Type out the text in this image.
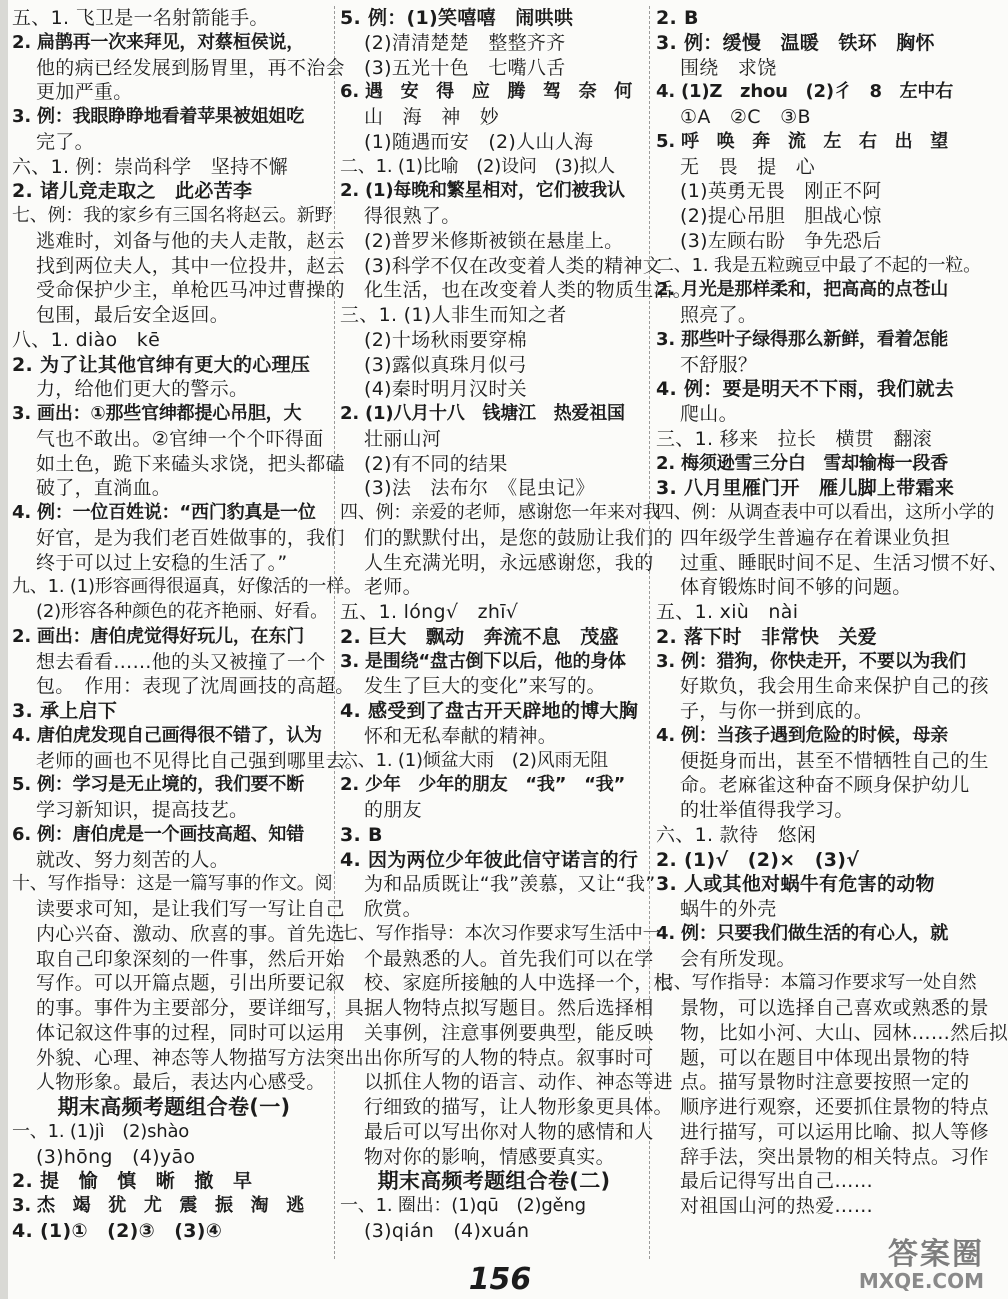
五、1. 飞卫是一名射箭能手。
2. 扁鹊再一次来拜见，对蔡桓侯说，
他的病已经发展到肠胃里，再不治会
更加严重。
3. 例：我眼睁睁地看着苹果被姐姐吃
完了。
六、1. 例：崇尚科学　坚持不懈
2. 诸儿竞走取之　此必苦李
七、例：我的家乡有三国名将赵云。新野
逃难时，刘备与他的夫人走散，赵云
找到两位夫人，其中一位投井，赵云
受命保护少主，单枪匹马冲过曹操的
包围，最后安全返回。
八、1. diào　kē
2. 为了让其他官绅有更大的心理压
力，给他们更大的警示。
3. 画出：①那些官绅都提心吊胆，大
气也不敢出。②官绅一个个吓得面
如土色，跪下来磕头求饶，把头都磕
破了，直淌血。
4. 例：一位百姓说：“西门豹真是一位
好官，是为我们老百姓做事的，我们
终于可以过上安稳的生活了。”
九、1. (1)形容画得很逼真，好像活的一样。
(2)形容各种颜色的花齐艳丽、好看。
2. 画出：唐伯虎觉得好玩儿，在东门
想去看看……他的头又被撞了一个
包。　作用：表现了沈周画技的高超。
3. 承上启下
4. 唐伯虎发现自己画得很不错了，认为
老师的画也不见得比自己强到哪里去。
5. 例：学习是无止境的，我们要不断
学习新知识，提高技艺。
6. 例：唐伯虎是一个画技高超、知错
就改、努力刻苦的人。
十、写作指导：这是一篇写事的作文。阅
读要求可知，是让我们写一写让自己
内心兴奋、激动、欣喜的事。首先选
取自己印象深刻的一件事，然后开始
写作。可以开篇点题，引出所要记叙
的事。事件为主要部分，要详细写，具
体记叙这件事的过程，同时可以运用
外貌、心理、神态等人物描写方法突出
人物形象。最后，表达内心感受。
期末高频考题组合卷(一)
一、1. (1)jì　(2)shào
(3)hōng　(4)yāo
2. 提　愉　慎　晰　撤　早
3. 杰　竭　犹　尤　震　振　淘　逃
4. (1)①　(2)③　(3)④
5. 例：(1)笑嘻嘻　闹哄哄
(2)清清楚楚　整整齐齐
(3)五光十色　七嘴八舌
6. 遇　安　得　应　腾　驾　奈　何
山　海　神　妙
(1)随遇而安　(2)人山人海
二、1. (1)比喻　(2)设问　(3)拟人
2. (1)每晚和繁星相对，它们被我认
得很熟了。
(2)普罗米修斯被锁在悬崖上。
(3)科学不仅在改变着人类的精神文
化生活，也在改变着人类的物质生活。
三、1. (1)人非生而知之者
(2)十场秋雨要穿棉
(3)露似真珠月似弓
(4)秦时明月汉时关
2. (1)八月十八　钱塘江　热爱祖国
壮丽山河
(2)有不同的结果
(3)法　法布尔　《昆虫记》
四、例：亲爱的老师，感谢您一年来对我
们的默默付出，是您的鼓励让我们的
人生充满光明，永远感谢您，我的
老师。
五、1. lóng√　zhī√
2. 巨大　飘动　奔流不息　茂盛
3. 是围绕“盘古倒下以后，他的身体
发生了巨大的变化”来写的。
4. 感受到了盘古开天辟地的博大胸
怀和无私奉献的精神。
六、1. (1)倾盆大雨　(2)风雨无阻
2. 少年　少年的朋友　“我”　“我”
的朋友
3. B
4. 因为两位少年彼此信守诺言的行
为和品质既让“我”羡慕，又让“我”
欣赏。
七、写作指导：本次习作要求写生活中一
个最熟悉的人。首先我们可以在学
校、家庭所接触的人中选择一个，根
据人物特点拟写题目。然后选择相
关事例，注意事例要典型，能反映
出你所写的人物的特点。叙事时可
以抓住人物的语言、动作、神态等进
行细致的描写，让人物形象更具体。
最后可以写出你对人物的感情和人
物对你的影响，情感要真实。
期末高频考题组合卷(二)
一、1. 圈出：(1)qū　(2)gěng
(3)qián　(4)xuán
2. B
3. 例：缓慢　温暖　铁环　胸怀
围绕　求饶
4. (1)Z　zhou　(2)彳　8　左中右
①A　②C　③B
5. 呼　唤　奔　流　左　右　出　望
无　畏　提　心
(1)英勇无畏　刚正不阿
(2)提心吊胆　胆战心惊
(3)左顾右盼　争先恐后
二、1. 我是五粒豌豆中最了不起的一粒。
2. 月光是那样柔和，把高高的点苍山
照亮了。
3. 那些叶子绿得那么新鲜，看着怎能
不舒服？
4. 例：要是明天不下雨，我们就去
爬山。
三、1. 移来　拉长　横贯　翻滚
2. 梅须逊雪三分白　雪却输梅一段香
3. 八月里雁门开　雁儿脚上带霜来
四、例：从调查表中可以看出，这所小学的
四年级学生普遍存在着课业负担
过重、睡眠时间不足、生活习惯不好、
体育锻炼时间不够的问题。
五、1. xiù　nài
2. 落下时　非常快　关爱
3. 例：猎狗，你快走开，不要以为我们
好欺负，我会用生命来保护自己的孩
子，与你一拼到底的。
4. 例：当孩子遇到危险的时候，母亲
便挺身而出，甚至不惜牺牲自己的生
命。老麻雀这种奋不顾身保护幼儿
的壮举值得我学习。
六、1. 款待　悠闲
2. (1)√　(2)×　(3)√
3. 人或其他对蜗牛有危害的动物
蜗牛的外壳
4. 例：只要我们做生活的有心人，就
会有所发现。
七、写作指导：本篇习作要求写一处自然
景物，可以选择自己喜欢或熟悉的景
物，比如小河、大山、园林……然后拟
题，可以在题目中体现出景物的特
点。描写景物时注意要按照一定的
顺序进行观察，还要抓住景物的特点
进行描写，可以运用比喻、拟人等修
辞手法，突出景物的相关特点。习作
最后记得写出自己……
对祖国山河的热爱……
156
答案圈
MXQE.COM
